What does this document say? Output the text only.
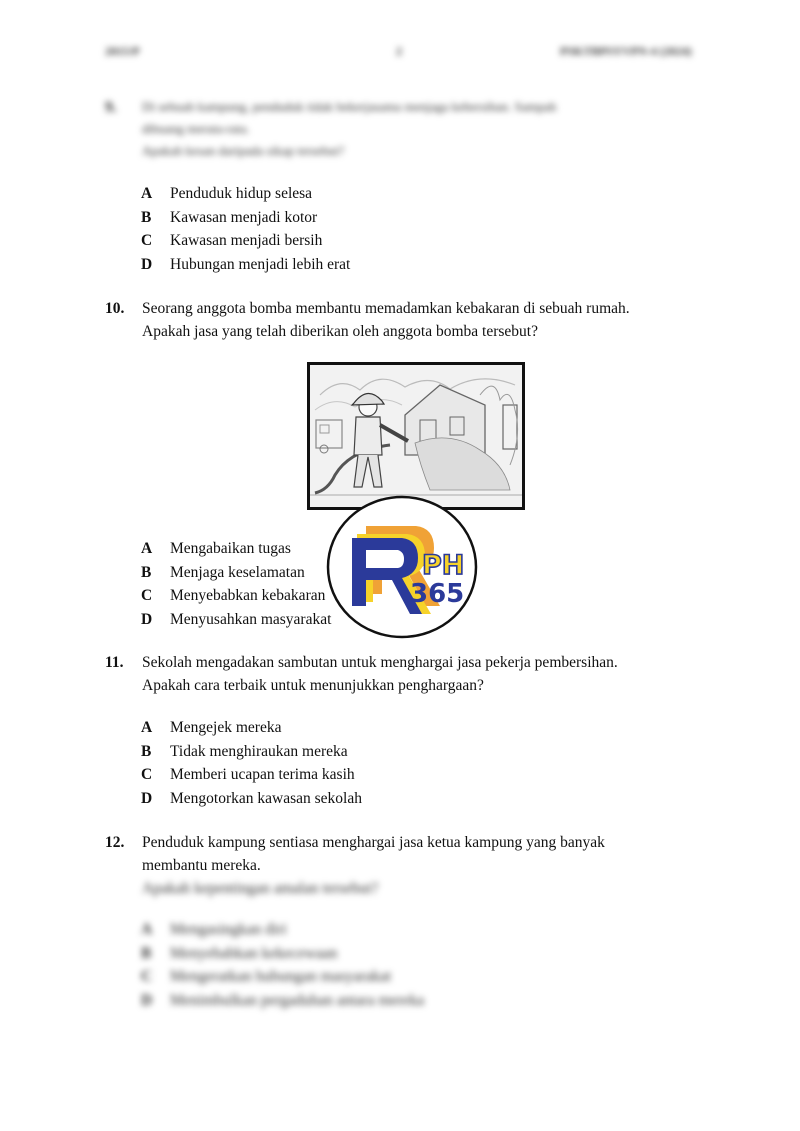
2015/P	2	PSKTBPSYVPN-4 (2024)
9. Di sebuah kampung, penduduk tidak bekerjasama menjaga kebersihan. Sampah
dibuang merata-rata.
Apakah kesan daripada sikap tersebut?
A Penduduk hidup selesa
B Kawasan menjadi kotor
C Kawasan menjadi bersih
D Hubungan menjadi lebih erat
10. Seorang anggota bomba membantu memadamkan kebakaran di sebuah rumah.
Apakah jasa yang telah diberikan oleh anggota bomba tersebut?
A Mengabaikan tugas
B Menjaga keselamatan
C Menyebabkan kebakaran
D Menyusahkan masyarakat
PH
365
11. Sekolah mengadakan sambutan untuk menghargai jasa pekerja pembersihan.
Apakah cara terbaik untuk menunjukkan penghargaan?
A Mengejek mereka
B Tidak menghiraukan mereka
C Memberi ucapan terima kasih
D Mengotorkan kawasan sekolah
12. Penduduk kampung sentiasa menghargai jasa ketua kampung yang banyak
membantu mereka.
Apakah kepentingan amalan tersebut?
A Mengasingkan diri
B Menyebabkan kekecewaan
C Mengeratkan hubungan masyarakat
D Menimbulkan pergaduhan antara mereka
